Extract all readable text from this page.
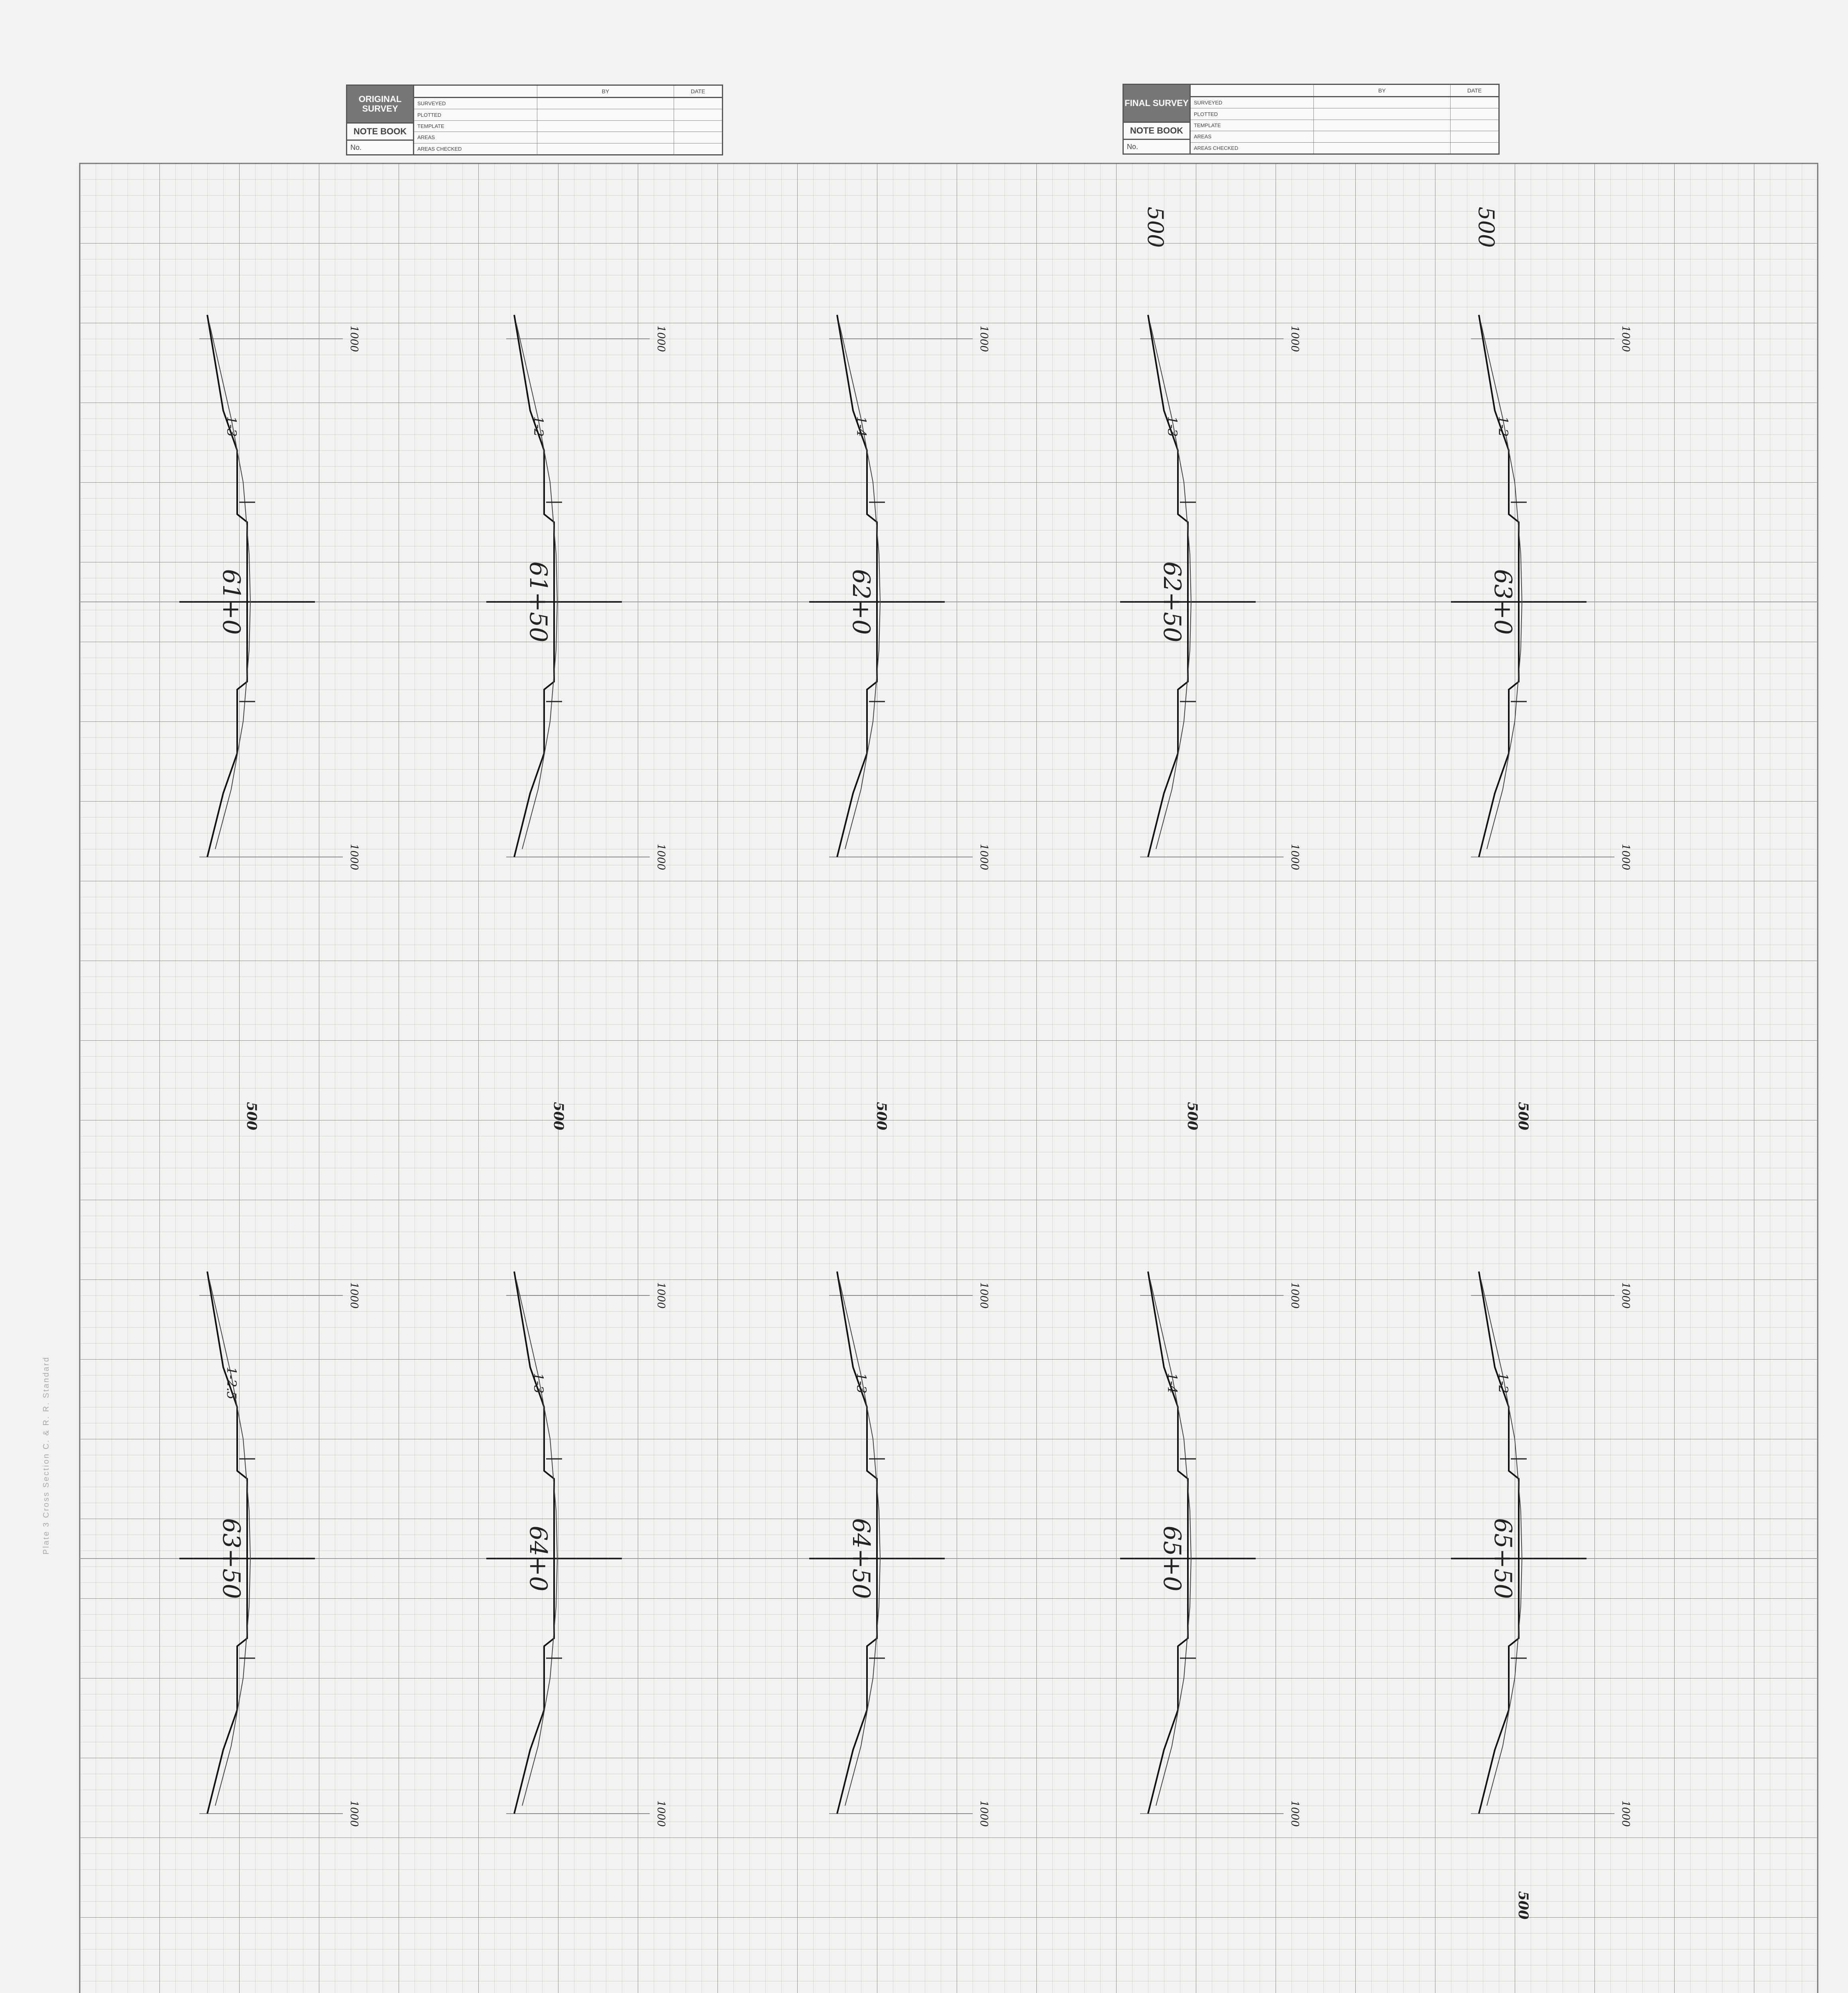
ORIGINAL SURVEY
NOTE BOOK
No.
BY	DATE
SURVEYED
PLOTTED
TEMPLATE
AREAS
AREAS CHECKED
FINAL SURVEY
NOTE BOOK
No.
BY	DATE
SURVEYED
PLOTTED
TEMPLATE
AREAS
AREAS CHECKED
61+0
1000
1000
500
1-3
61+50
1000
1000
500
1-2
62+0
1000
1000
500
1-4
62+50
1000
1000
500
500
1-3
63+0
1000
1000
500
500
1-2
63+50
1000
1000
1-2.5
64+0
1000
1000
1-3
64+50
1000
1000
1-3
65+0
1000
1000
1-4
65+50
1000
1000
500
1-2
Plate 3 Cross Section C. & R. R. Standard
